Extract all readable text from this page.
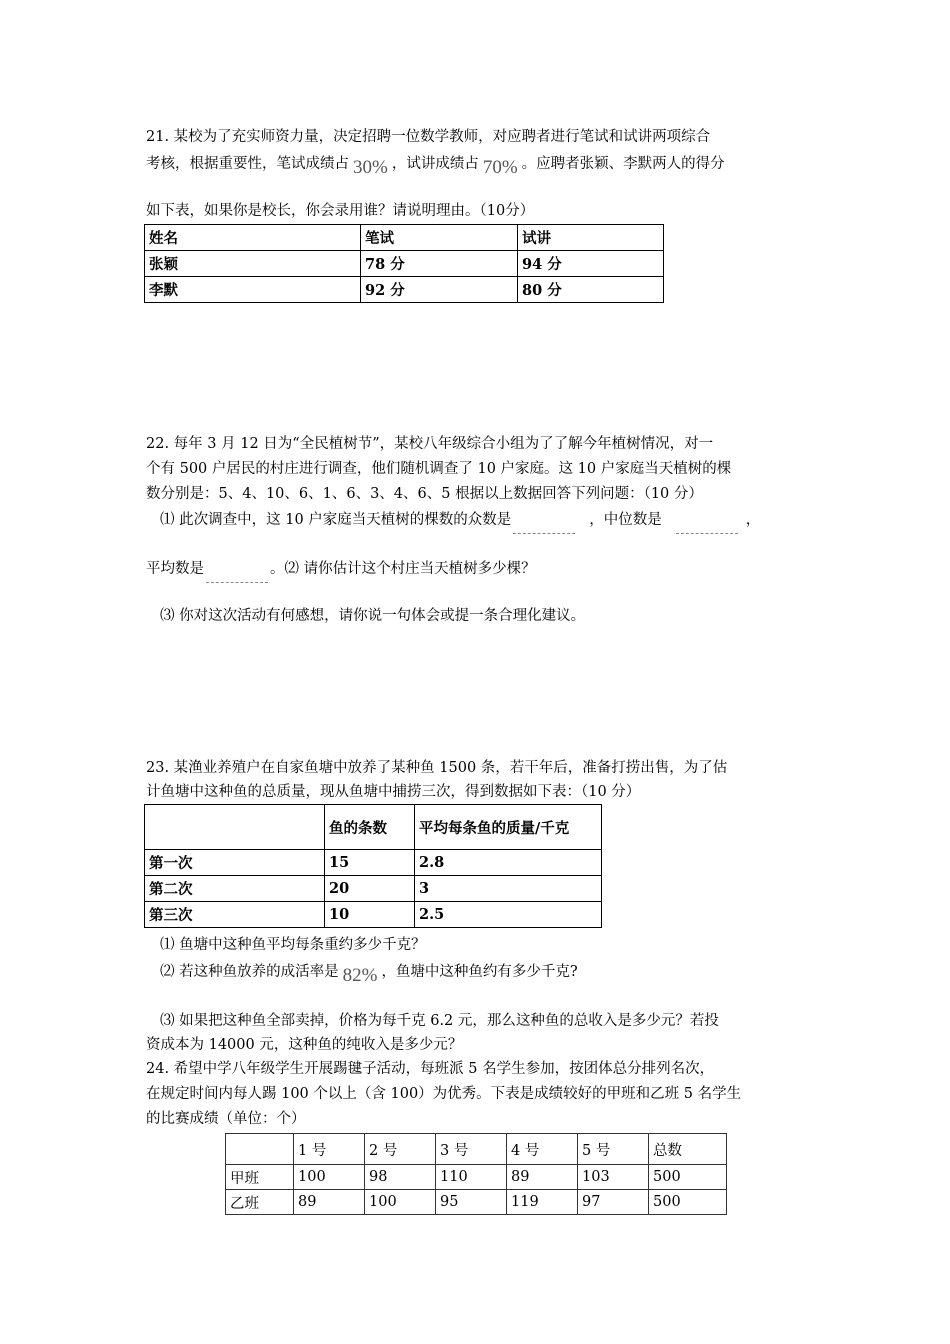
21. 某校为了充实师资力量，决定招聘一位数学教师，对应聘者进行笔试和试讲两项综合
考核，根据重要性，笔试成绩占 30% ，试讲成绩占 70% 。应聘者张颖、李默两人的得分
如下表，如果你是校长，你会录用谁？请说明理由。（10分）
姓名	笔试	试讲
张颖	78 分	94 分
李默	92 分	80 分
22. 每年 3 月 12 日为“全民植树节”，某校八年级综合小组为了了解今年植树情况，对一
个有 500 户居民的村庄进行调查，他们随机调查了 10 户家庭。这 10 户家庭当天植树的棵
数分别是：5、4、10、6、1、6、3、4、6、5 根据以上数据回答下列问题：（10 分）
⑴ 此次调查中，这 10 户家庭当天植树的棵数的众数是	，中位数是	，
平均数是	。⑵ 请你估计这个村庄当天植树多少棵？
⑶ 你对这次活动有何感想，请你说一句体会或提一条合理化建议。
23. 某渔业养殖户在自家鱼塘中放养了某种鱼 1500 条，若干年后，准备打捞出售，为了估
计鱼塘中这种鱼的总质量，现从鱼塘中捕捞三次，得到数据如下表：（10 分）
	鱼的条数	平均每条鱼的质量/千克
第一次	15	2.8
第二次	20	3
第三次	10	2.5
⑴ 鱼塘中这种鱼平均每条重约多少千克？
⑵ 若这种鱼放养的成活率是 82% ，鱼塘中这种鱼约有多少千克?
⑶ 如果把这种鱼全部卖掉，价格为每千克 6.2 元，那么这种鱼的总收入是多少元？若投
资成本为 14000 元，这种鱼的纯收入是多少元？
24. 希望中学八年级学生开展踢毽子活动，每班派 5 名学生参加，按团体总分排列名次，
在规定时间内每人踢 100 个以上（含 100）为优秀。下表是成绩较好的甲班和乙班 5 名学生
的比赛成绩（单位：个）
	1 号	2 号	3 号	4 号	5 号	总数
甲班	100	98	110	89	103	500
乙班	89	100	95	119	97	500
